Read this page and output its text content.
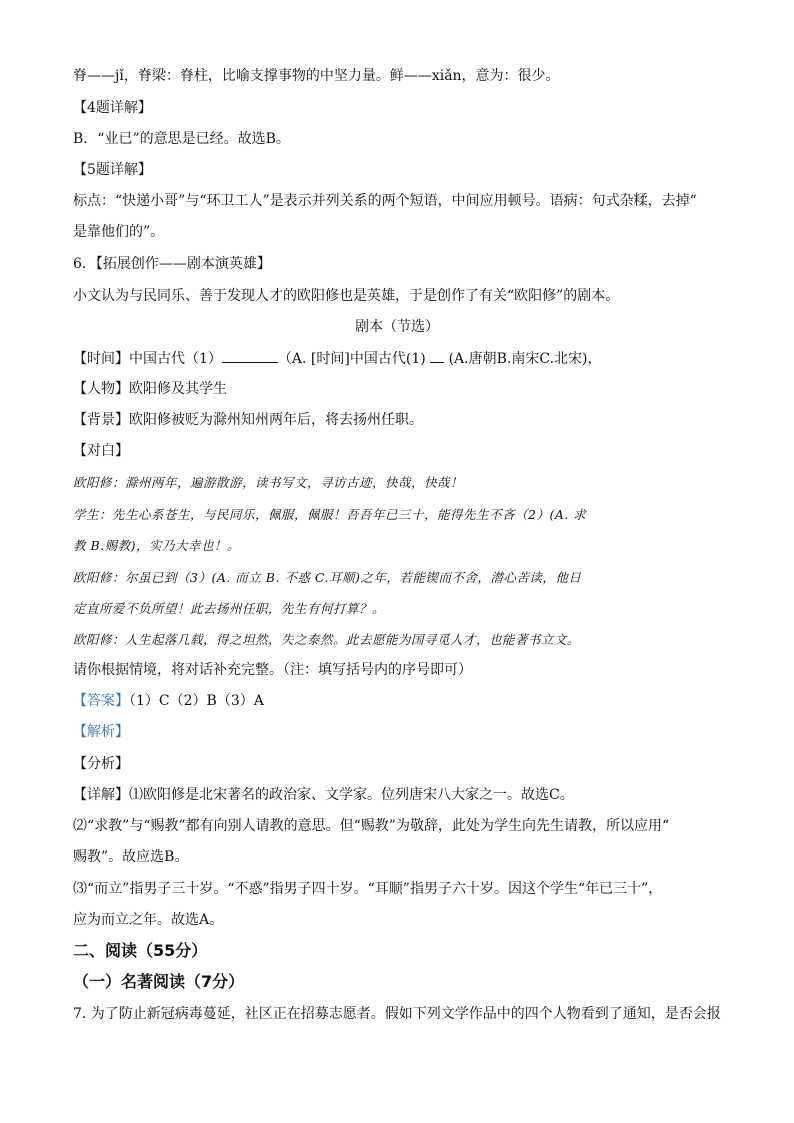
脊——jǐ，脊梁：脊柱，比喻支撑事物的中坚力量。鲜——xiǎn，意为：很少。
【4题详解】
B．“业已”的意思是已经。故选B。
【5题详解】
标点：“快递小哥”与“环卫工人”是表示并列关系的两个短语，中间应用顿号。语病：句式杂糅，去掉“
是靠他们的”。
6．【拓展创作——剧本演英雄】
小文认为与民同乐、善于发现人才的欧阳修也是英雄，于是创作了有关“欧阳修”的剧本。
剧本（节选）
【时间】中国古代（1）	（A. [时间]中国古代(1) (A.唐朝B.南宋C.北宋)，
【人物】欧阳修及其学生
【背景】欧阳修被贬为滁州知州两年后，将去扬州任职。
【对白】
欧阳修：滁州两年，遍游散游，读书写文，寻访古迹，快哉，快哉！
学生：先生心系苍生，与民同乐，佩服，佩服！吾吾年已三十，能得先生不吝（2）(A. 求
教 B.赐教)，实乃大幸也！。
欧阳修：尔虽已到（3）(A. 而立 B. 不惑 C.耳顺)之年，若能锲而不舍，潜心苦读，他日
定直所爱不负所望！此去扬州任职，先生有何打算？。
欧阳修：人生起落几载，得之坦然，失之泰然。此去愿能为国寻觅人才，也能著书立文。
请你根据情境，将对话补充完整。（注：填写括号内的序号即可）
【答案】（1）C（2）B（3）A
【解析】
【分析】
【详解】⑴欧阳修是北宋著名的政治家、文学家。位列唐宋八大家之一。故选C。
⑵“求教”与“赐教”都有向别人请教的意思。但“赐教”为敬辞，此处为学生向先生请教，所以应用“
赐教”。故应选B。
⑶“而立”指男子三十岁。“不惑”指男子四十岁。“耳顺”指男子六十岁。因这个学生“年已三十”，
应为而立之年。故选A。
二、阅读（55分）
（一）名著阅读（7分）
7. 为了防止新冠病毒蔓延，社区正在招募志愿者。假如下列文学作品中的四个人物看到了通知，是否会报
